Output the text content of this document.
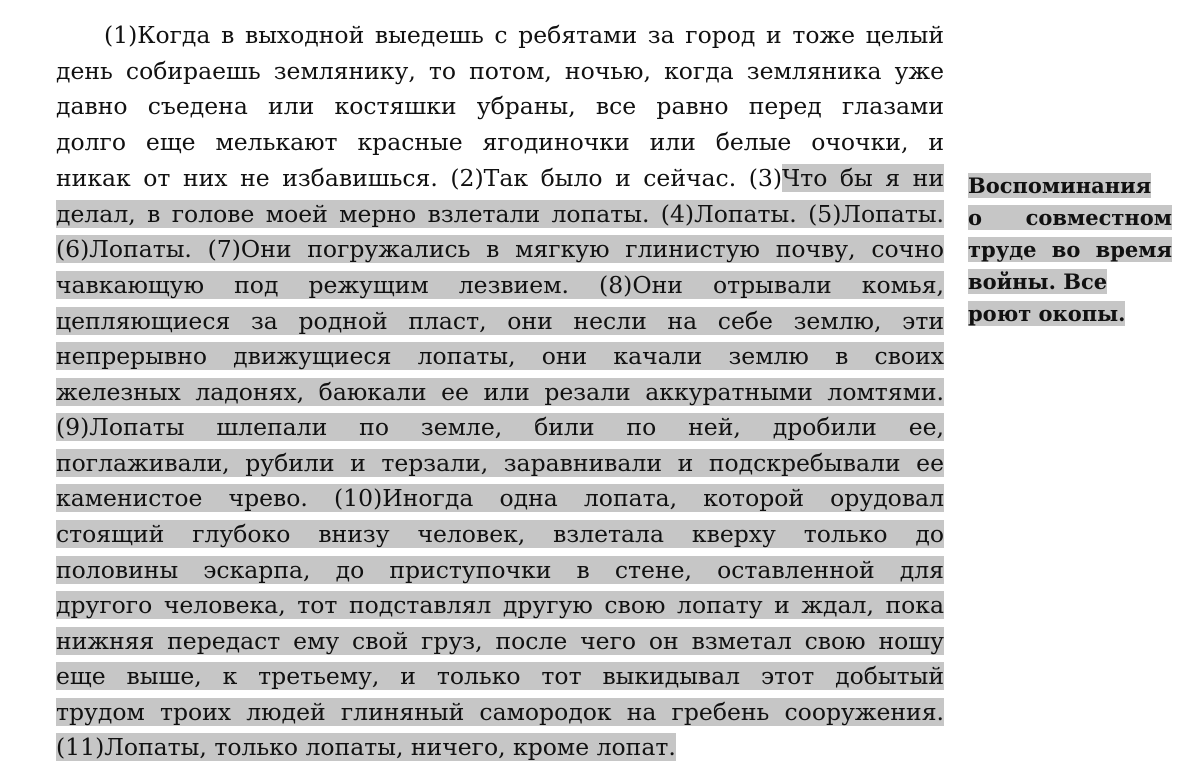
(1)Когда в выходной выедешь с ребятами за город и тоже целый
день собираешь землянику, то потом, ночью, когда земляника уже
давно съедена или костяшки убраны, все равно перед глазами
долго еще мелькают красные ягодиночки или белые очочки, и
никак от них не избавишься. (2)Так было и сейчас. (3)Что бы я ни
делал, в голове моей мерно взлетали лопаты. (4)Лопаты. (5)Лопаты.
(6)Лопаты. (7)Они погружались в мягкую глинистую почву, сочно
чавкающую под режущим лезвием. (8)Они отрывали комья,
цепляющиеся за родной пласт, они несли на себе землю, эти
непрерывно движущиеся лопаты, они качали землю в своих
железных ладонях, баюкали ее или резали аккуратными ломтями.
(9)Лопаты шлепали по земле, били по ней, дробили ее,
поглаживали, рубили и терзали, заравнивали и подскребывали ее
каменистое чрево. (10)Иногда одна лопата, которой орудовал
стоящий глубоко внизу человек, взлетала кверху только до
половины эскарпа, до приступочки в стене, оставленной для
другого человека, тот подставлял другую свою лопату и ждал, пока
нижняя передаст ему свой груз, после чего он взметал свою ношу
еще выше, к третьему, и только тот выкидывал этот добытый
трудом троих людей глиняный самородок на гребень сооружения.
(11)Лопаты, только лопаты, ничего, кроме лопат.
Воспоминания
о совместном
труде во время
войны. Все
роют окопы.
